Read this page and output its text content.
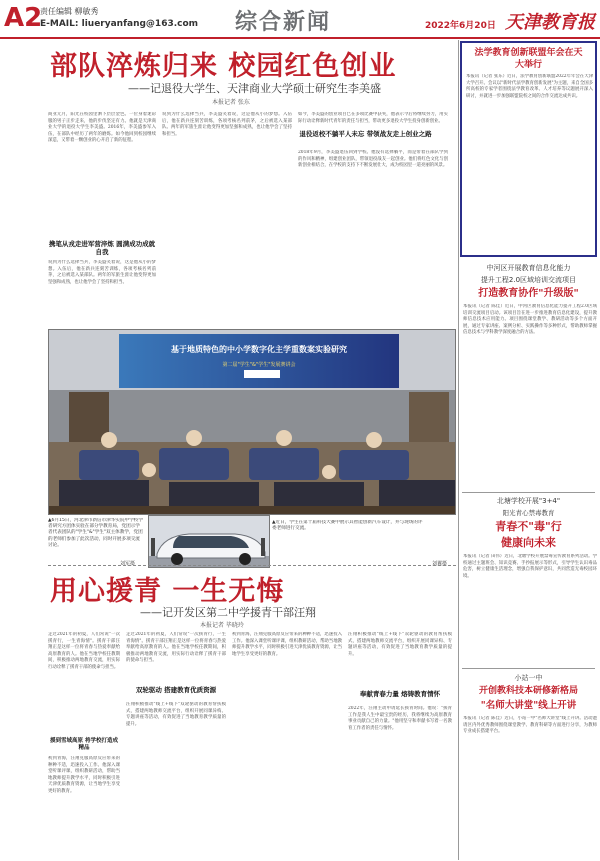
A2
责任编辑 柳敏秀
E-MAIL: liueryanfang@163.com 综合新闻	2022年6月20日 天津教育报
部队淬炼归来 校园红色创业
——记退役大学生、天津商业大学硕士研究生李美盛
本报记者 张东
商亚元月，阳光在校园里洒下层层金色。一位身着迷彩服的男子正步走来，他的步伐坚定有力。他就是天津商业大学的退役大学生李美盛。2016年，李美盛参军入伍，在部队中经历了两年的磨炼。如今他回到校园继续深造，又带着一颗创业的心开启了新的征程。
携笔从戎走进军营淬炼 圆满成功成就自我
说到为什么选择当兵，李美盛笑着说，这是他从小的梦想。入伍后，他在新兵连刻苦训练，各项考核名列前茅，之后被选入某部队。两年的军旅生涯让他变得更加坚强和成熟，也让他学会了坚持和担当。
说到为什么选择当兵，李美盛笑着说，这是他从小的梦想。入伍后，他在新兵连刻苦训练，各项考核名列前茅，之后被选入某部队。两年的军旅生涯让他变得更加坚强和成熟，也让他学会了坚持和担当。	退役返校不躺平人未忘 带领战友走上创业之路
如今，李美盛的创业项目已在多项比赛中获奖，他表示今后将继续努力，用实际行动诠释新时代青年的责任与担当，带动更多退役大学生投身创新创业。
2018年9月，李美盛退伍回到学校。他没有选择躺平，而是带着在部队学到的作风和精神，组建创业团队，带领退役战友一起创业。他们将红色文化与创新创业相结合，在学校的支持下不断发展壮大，成为校园里一道亮丽的风景。
基于地质特色的中小学数字化主学重数案实验研究
第二届"学生"&"学生"发展赛讲会
▲6月15日，河北津市新信市津华实院中学校学者研究方团体实验在部分学教育局，党团示学者代表团队的"学生"&"学生"双主体教学，党团的老师们参加了此次活动，同时开展多项交流讨论。
刘军摄
▲近日，学生在第十届科技大赛中展示其智能创新汽车设计，并与现场的评委老师进行交流。
刘翼摄
法学教育创新联盟年会在天大举行
本报讯（记者 张东）近日，法学教育创新联盟2022年年会在天津大学召开。会议以"新时代法学教育创新发展"为主题，来自全国多所高校的专家学者围绕法学教育改革、人才培养等议题展开深入研讨，并就进一步加强联盟院校之间的合作交流达成共识。
中河区开展教育信息化能力
提升工程2.0区域培训交流项目
打造教育协作"升级版"
本报讯（记者 陈佳）近日，中河区教育信息化能力提升工程2.0区域培训交流项目启动。该项目旨在进一步推进教育信息化建设，提升教师信息技术应用能力。项目围绕课堂教学、教研活动等多个方面开展，通过专家讲座、案例分析、实践操作等多种形式，帮助教师掌握信息技术与学科教学深度融合的方法。
北塘学校开展"3+4"
阳光青心禁毒教育
青春不"毒"行
健康向未来
本报讯（记者 田伟）近日，北塘学校开展禁毒宣传教育系列活动。学校通过主题班会、知识竞赛、手抄报展示等形式，引导学生认识毒品危害，树立健康生活理念，增强自我保护意识，共同营造无毒校园环境。
小站一中
开创教科技本研修新格局
"名师大讲堂"线上开讲
本报讯（记者 陈佳）近日，小站一中"名师大讲堂"线上开讲。活动邀请区内外优秀教师围绕课堂教学、教育科研等方面进行分享，为教师专业成长搭建平台。
用心援青 一生无悔
——记开发区第二中学援青干部汪翔
本报记者 毕晓玲
走过2021年的初夏，人们常说"一次援青行，一生青海情"。援青干部汪翔正是这样一位将青春与热爱奉献给高原教育的人。他在当地学校任教期间，积极推动两地教育交流，用实际行动诠释了援青干部的使命与担当。
援到雪域高原 将学校打造成精品
初到青海，汪翔克服高原反应带来的种种不适，迅速投入工作。他深入课堂听课评课，组织教研活动，帮助当地教师提升教学水平，同时积极引进天津优质教育资源，让当地学生享受更好的教育。
走过2021年的初夏，人们常说"一次援青行，一生青海情"。援青干部汪翔正是这样一位将青春与热爱奉献给高原教育的人。他在当地学校任教期间，积极推动两地教育交流，用实际行动诠释了援青干部的使命与担当。
双轮驱动 搭建教育优质资源
汪翔积极推动"线上+线下"双轮驱动的教育帮扶模式，搭建两地教师交流平台，组织开展同课异构、专题讲座等活动，有效促进了当地教育教学质量的提升。
初到青海，汪翔克服高原反应带来的种种不适，迅速投入工作。他深入课堂听课评课，组织教研活动，帮助当地教师提升教学水平，同时积极引进天津优质教育资源，让当地学生享受更好的教育。
奉献青春力量 熔铸教育情怀
汪翔积极推动"线上+线下"双轮驱动的教育帮扶模式，搭建两地教师交流平台，组织开展同课异构、专题讲座等活动，有效促进了当地教育教学质量的提升。
2022年，汪翔主动申请延长援青时间。他说："援青工作是我人生中最宝贵的经历，我将继续为高原教育事业贡献自己的力量。"他用坚守和奉献书写着一名教育工作者的责任与情怀。
